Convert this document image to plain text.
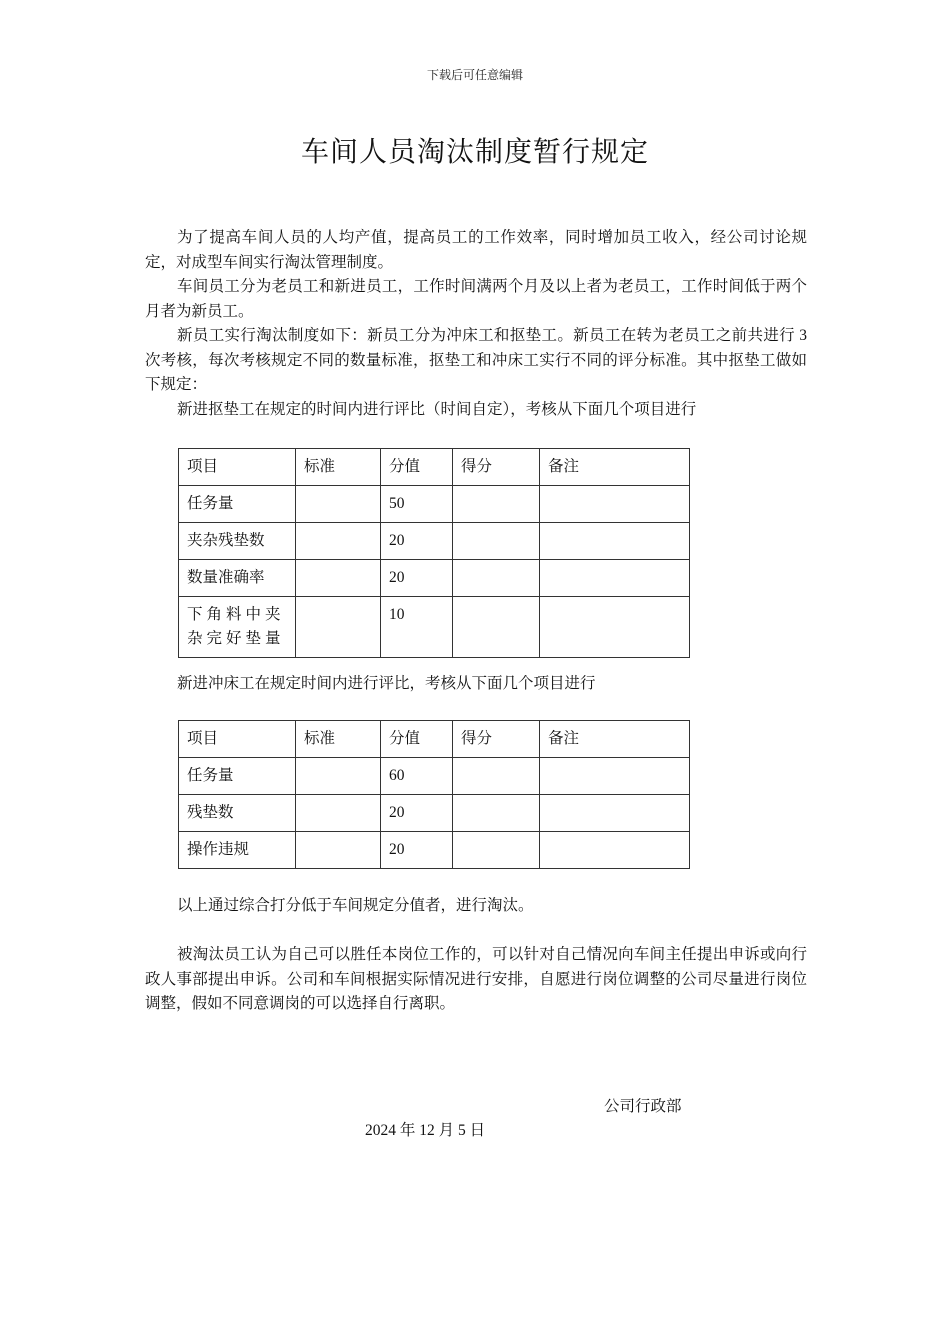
下载后可任意编辑
车间人员淘汰制度暂行规定

为了提高车间人员的人均产值，提高员工的工作效率，同时增加员工收入，经公司讨论规定，对成型车间实行淘汰管理制度。

车间员工分为老员工和新进员工，工作时间满两个月及以上者为老员工，工作时间低于两个月者为新员工。

新员工实行淘汰制度如下：新员工分为冲床工和抠垫工。新员工在转为老员工之前共进行 3 次考核，每次考核规定不同的数量标准，抠垫工和冲床工实行不同的评分标准。其中抠垫工做如下规定：

新进抠垫工在规定的时间内进行评比（时间自定），考核从下面几个项目进行

项目	标准	分值	得分	备注
任务量		50		
夹杂残垫数		20		
数量准确率		20		
下角料中夹杂完好垫量		10		

新进冲床工在规定时间内进行评比，考核从下面几个项目进行

项目	标准	分值	得分	备注
任务量		60		
残垫数		20		
操作违规		20		

以上通过综合打分低于车间规定分值者，进行淘汰。

被淘汰员工认为自己可以胜任本岗位工作的，可以针对自己情况向车间主任提出申诉或向行政人事部提出申诉。公司和车间根据实际情况进行安排，自愿进行岗位调整的公司尽量进行岗位调整，假如不同意调岗的可以选择自行离职。

公司行政部
2024 年 12 月 5 日
